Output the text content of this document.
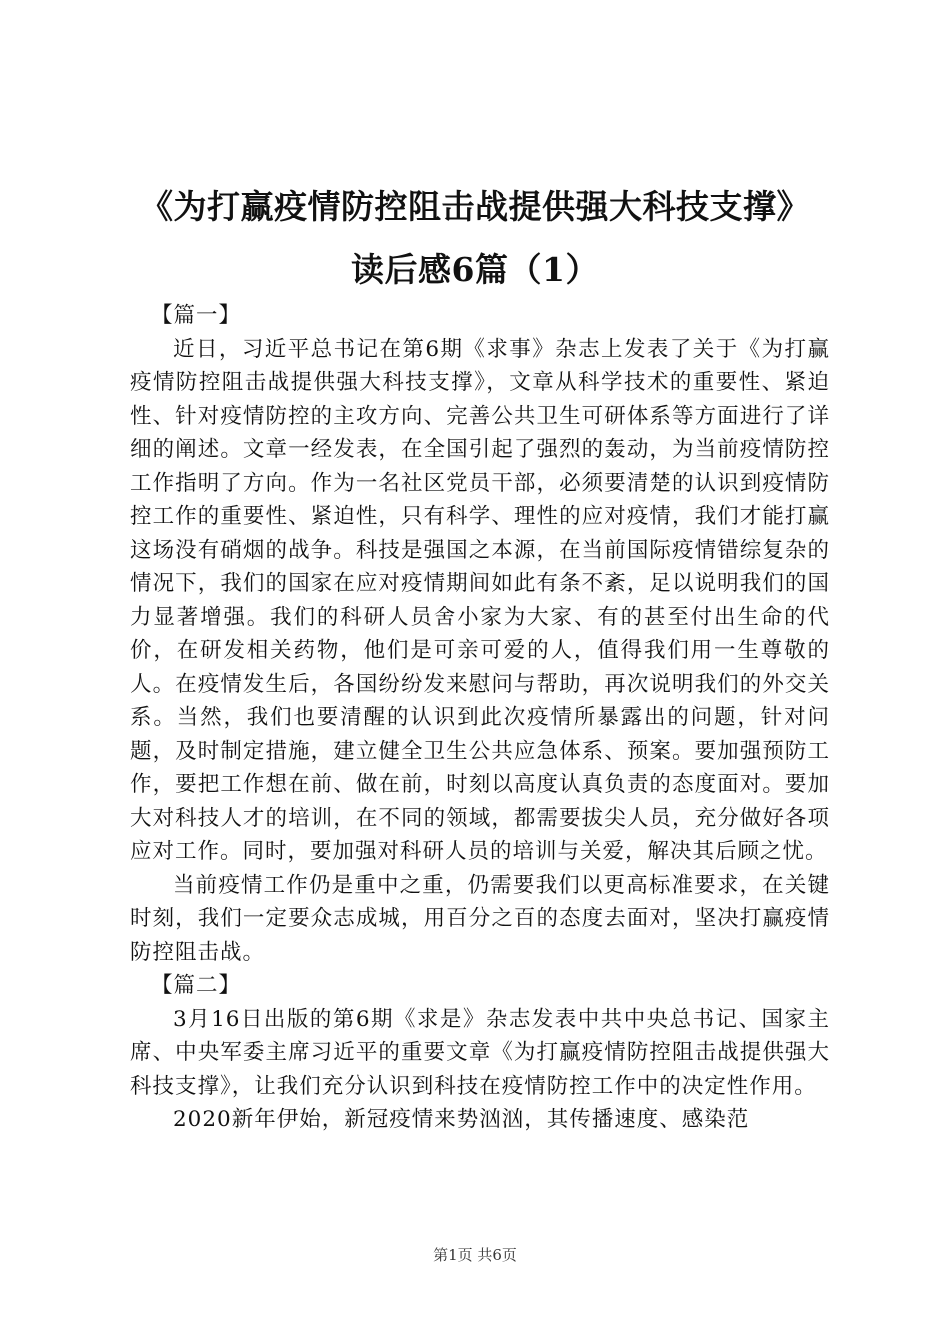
《为打赢疫情防控阻击战提供强大科技支撑》
读后感6篇（1）

【篇一】

近日，习近平总书记在第6期《求事》杂志上发表了关于《为打赢疫情防控阻击战提供强大科技支撑》，文章从科学技术的重要性、紧迫性、针对疫情防控的主攻方向、完善公共卫生可研体系等方面进行了详细的阐述。文章一经发表，在全国引起了强烈的轰动，为当前疫情防控工作指明了方向。作为一名社区党员干部，必须要清楚的认识到疫情防控工作的重要性、紧迫性，只有科学、理性的应对疫情，我们才能打赢这场没有硝烟的战争。科技是强国之本源，在当前国际疫情错综复杂的情况下，我们的国家在应对疫情期间如此有条不紊，足以说明我们的国力显著增强。我们的科研人员舍小家为大家、有的甚至付出生命的代价，在研发相关药物，他们是可亲可爱的人，值得我们用一生尊敬的人。在疫情发生后，各国纷纷发来慰问与帮助，再次说明我们的外交关系。当然，我们也要清醒的认识到此次疫情所暴露出的问题，针对问题，及时制定措施，建立健全卫生公共应急体系、预案。要加强预防工作，要把工作想在前、做在前，时刻以高度认真负责的态度面对。要加大对科技人才的培训，在不同的领域，都需要拔尖人员，充分做好各项应对工作。同时，要加强对科研人员的培训与关爱，解决其后顾之忧。

当前疫情工作仍是重中之重，仍需要我们以更高标准要求，在关键时刻，我们一定要众志成城，用百分之百的态度去面对，坚决打赢疫情防控阻击战。

【篇二】

3月16日出版的第6期《求是》杂志发表中共中央总书记、国家主席、中央军委主席习近平的重要文章《为打赢疫情防控阻击战提供强大科技支撑》，让我们充分认识到科技在疫情防控工作中的决定性作用。

2020新年伊始，新冠疫情来势汹汹，其传播速度、感染范

第1页 共6页
